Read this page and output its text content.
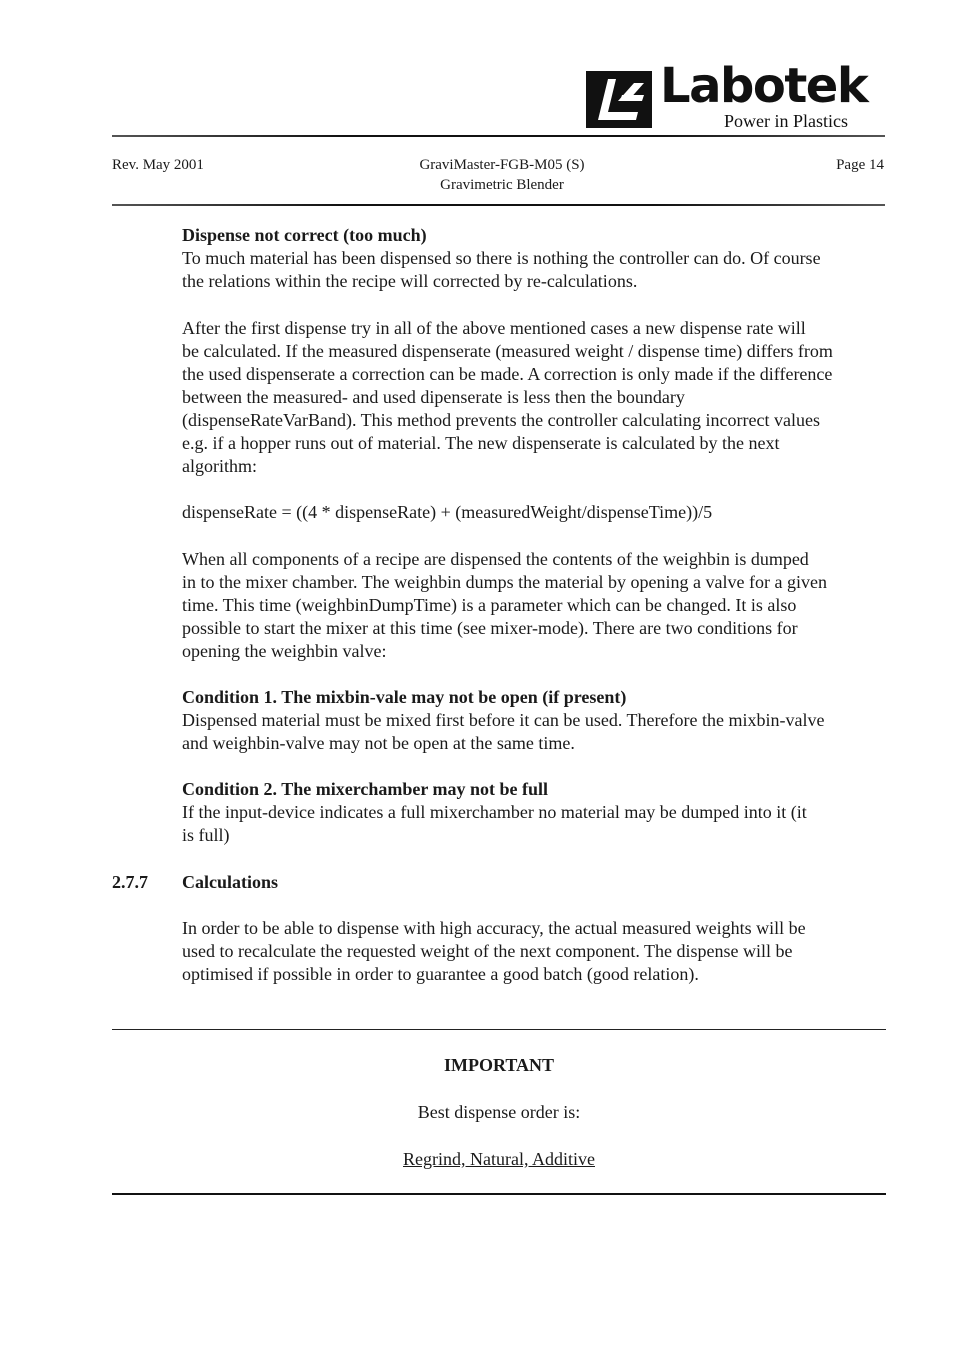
Labotek
Power in Plastics
Rev. May 2001	GraviMaster-FGB-M05 (S)
Gravimetric Blender
Page 14
Dispense not correct (too much)
To much material has been dispensed so there is nothing the controller can do. Of course
the relations within the recipe will corrected by re-calculations.
After the first dispense try in all of the above mentioned cases a new dispense rate will
be calculated. If the measured dispenserate (measured weight / dispense time) differs from
the used dispenserate a correction can be made. A correction is only made if the difference
between the measured- and used dipenserate is less then the boundary
(dispenseRateVarBand). This method prevents the controller calculating incorrect values
e.g. if a hopper runs out of material. The new dispenserate is calculated by the next
algorithm:
dispenseRate = ((4 * dispenseRate) + (measuredWeight/dispenseTime))/5
When all components of a recipe are dispensed the contents of the weighbin is dumped
in to the mixer chamber. The weighbin dumps the material by opening a valve for a given
time. This time (weighbinDumpTime) is a parameter which can be changed. It is also
possible to start the mixer at this time (see mixer-mode). There are two conditions for
opening the weighbin valve:
Condition 1. The mixbin-vale may not be open (if present)
Dispensed material must be mixed first before it can be used. Therefore the mixbin-valve
and weighbin-valve may not be open at the same time.
Condition 2. The mixerchamber may not be full
If the input-device indicates a full mixerchamber no material may be dumped into it (it
is full)
2.7.7 Calculations
In order to be able to dispense with high accuracy, the actual measured weights will be
used to recalculate the requested weight of the next component. The dispense will be
optimised if possible in order to guarantee a good batch (good relation).
IMPORTANT
Best dispense order is:
Regrind, Natural, Additive
